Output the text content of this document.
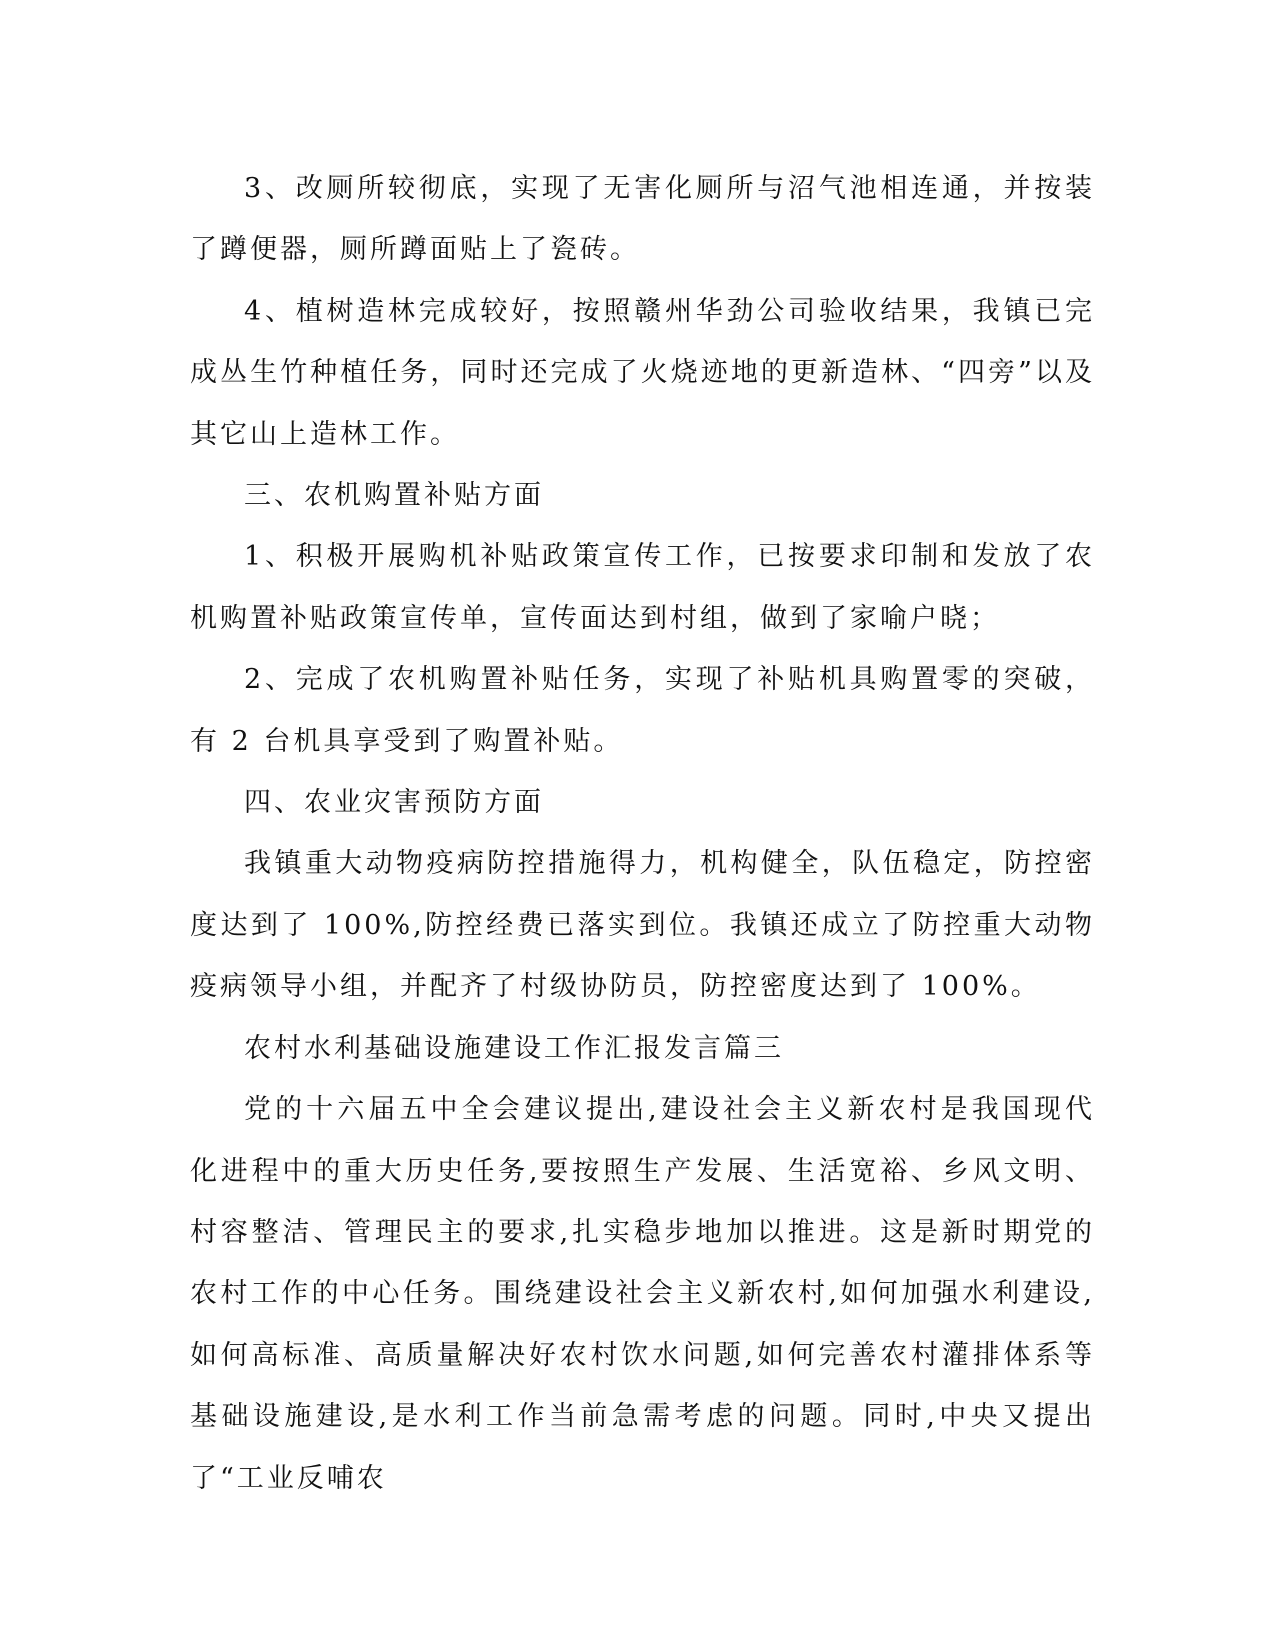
3、改厕所较彻底，实现了无害化厕所与沼气池相连通，并按装了蹲便器，厕所蹲面贴上了瓷砖。

4、植树造林完成较好，按照赣州华劲公司验收结果，我镇已完成丛生竹种植任务，同时还完成了火烧迹地的更新造林、“四旁”以及其它山上造林工作。

三、农机购置补贴方面

1、积极开展购机补贴政策宣传工作，已按要求印制和发放了农机购置补贴政策宣传单，宣传面达到村组，做到了家喻户晓；

2、完成了农机购置补贴任务，实现了补贴机具购置零的突破，有 2 台机具享受到了购置补贴。

四、农业灾害预防方面

我镇重大动物疫病防控措施得力，机构健全，队伍稳定，防控密度达到了 100%,防控经费已落实到位。我镇还成立了防控重大动物疫病领导小组，并配齐了村级协防员，防控密度达到了 100%。

农村水利基础设施建设工作汇报发言篇三

党的十六届五中全会建议提出,建设社会主义新农村是我国现代化进程中的重大历史任务,要按照生产发展、生活宽裕、乡风文明、村容整洁、管理民主的要求,扎实稳步地加以推进。这是新时期党的农村工作的中心任务。围绕建设社会主义新农村,如何加强水利建设,如何高标准、高质量解决好农村饮水问题,如何完善农村灌排体系等基础设施建设,是水利工作当前急需考虑的问题。同时,中央又提出了“工业反哺农
